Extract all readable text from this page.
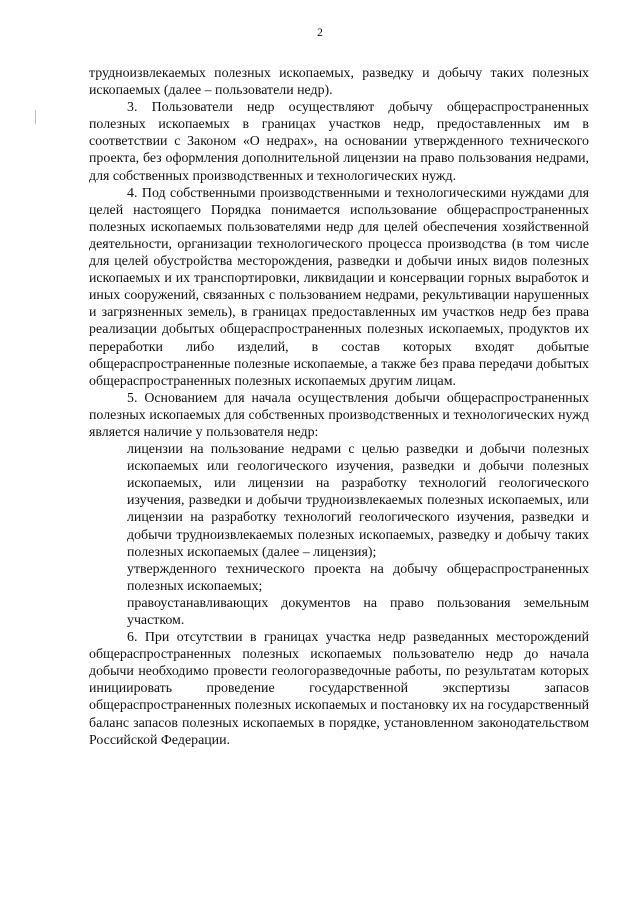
2

трудноизвлекаемых полезных ископаемых, разведку и добычу таких полезных ископаемых (далее – пользователи недр).

3. Пользователи недр осуществляют добычу общераспространенных полезных ископаемых в границах участков недр, предоставленных им в соответствии с Законом «О недрах», на основании утвержденного технического проекта, без оформления дополнительной лицензии на право пользования недрами, для собственных производственных и технологических нужд.

4. Под собственными производственными и технологическими нуждами для целей настоящего Порядка понимается использование общераспространенных полезных ископаемых пользователями недр для целей обеспечения хозяйственной деятельности, организации технологического процесса производства (в том числе для целей обустройства месторождения, разведки и добычи иных видов полезных ископаемых и их транспортировки, ликвидации и консервации горных выработок и иных сооружений, связанных с пользованием недрами, рекультивации нарушенных и загрязненных земель), в границах предоставленных им участков недр без права реализации добытых общераспространенных полезных ископаемых, продуктов их переработки либо изделий, в состав которых входят добытые общераспространенные полезные ископаемые, а также без права передачи добытых общераспространенных полезных ископаемых другим лицам.

5. Основанием для начала осуществления добычи общераспространенных полезных ископаемых для собственных производственных и технологических нужд является наличие у пользователя недр:

лицензии на пользование недрами с целью разведки и добычи полезных ископаемых или геологического изучения, разведки и добычи полезных ископаемых, или лицензии на разработку технологий геологического изучения, разведки и добычи трудноизвлекаемых полезных ископаемых, или лицензии на разработку технологий геологического изучения, разведки и добычи трудноизвлекаемых полезных ископаемых, разведку и добычу таких полезных ископаемых (далее – лицензия);

утвержденного технического проекта на добычу общераспространенных полезных ископаемых;

правоустанавливающих документов на право пользования земельным участком.

6. При отсутствии в границах участка недр разведанных месторождений общераспространенных полезных ископаемых пользователю недр до начала добычи необходимо провести геологоразведочные работы, по результатам которых инициировать проведение государственной экспертизы запасов общераспространенных полезных ископаемых и постановку их на государственный баланс запасов полезных ископаемых в порядке, установленном законодательством Российской Федерации.
